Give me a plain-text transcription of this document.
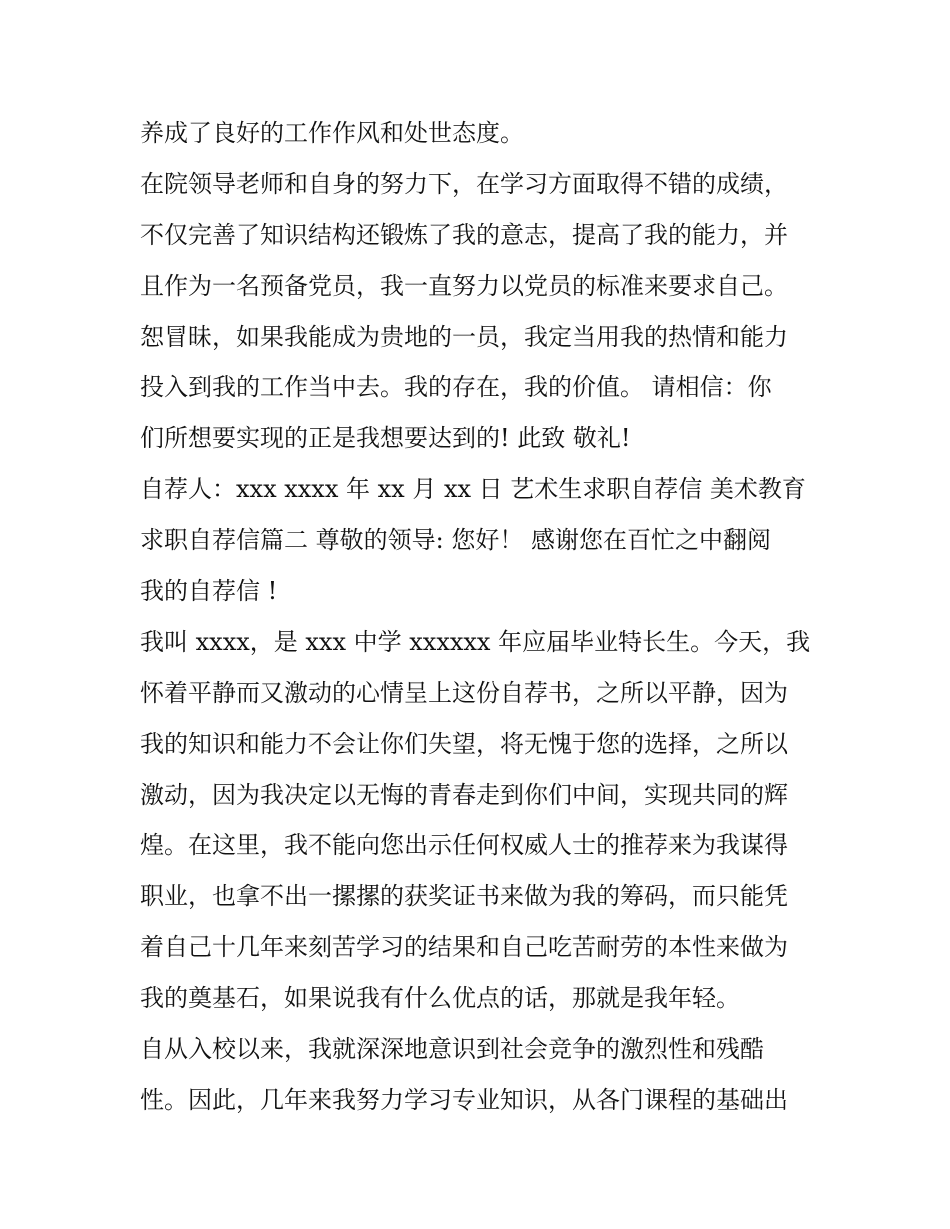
养成了良好的工作作风和处世态度。

在院领导老师和自身的努力下，在学习方面取得不错的成绩，

不仅完善了知识结构还锻炼了我的意志，提高了我的能力，并

且作为一名预备党员，我一直努力以党员的标准来要求自己。

恕冒昧，如果我能成为贵地的一员，我定当用我的热情和能力

投入到我的工作当中去。我的存在，我的价值。 请相信：你

们所想要实现的正是我想要达到的! 此致 敬礼!

自荐人：xxx xxxx 年 xx 月 xx 日 艺术生求职自荐信 美术教育

求职自荐信篇二 尊敬的领导: 您好！ 感谢您在百忙之中翻阅

我的自荐信 !

我叫 xxxx，是 xxx 中学 xxxxxx 年应届毕业特长生。今天，我

怀着平静而又激动的心情呈上这份自荐书，之所以平静，因为

我的知识和能力不会让你们失望，将无愧于您的选择，之所以

激动，因为我决定以无悔的青春走到你们中间，实现共同的辉

煌。在这里，我不能向您出示任何权威人士的推荐来为我谋得

职业，也拿不出一摞摞的获奖证书来做为我的筹码，而只能凭

着自己十几年来刻苦学习的结果和自己吃苦耐劳的本性来做为

我的奠基石，如果说我有什么优点的话，那就是我年轻。

自从入校以来，我就深深地意识到社会竞争的激烈性和残酷

性。因此，几年来我努力学习专业知识，从各门课程的基础出
